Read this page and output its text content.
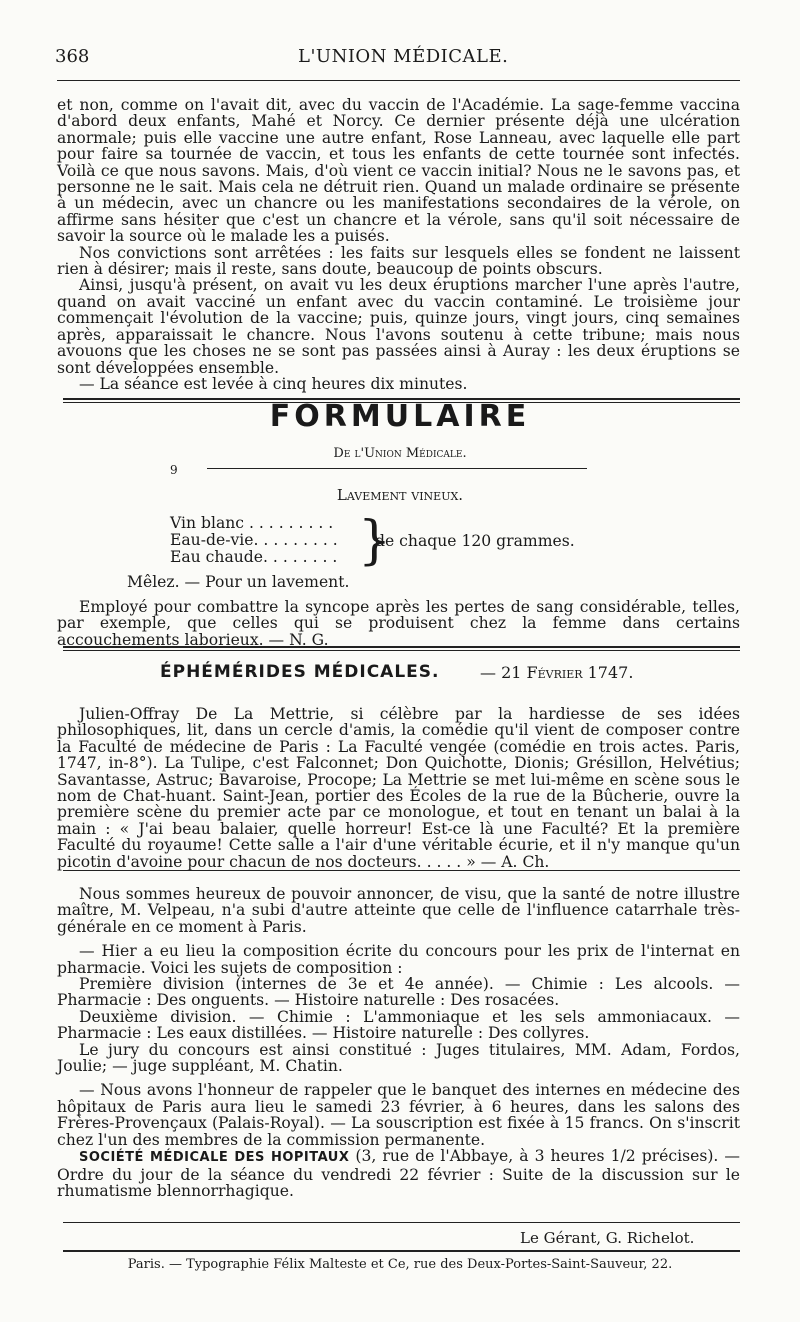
368	L'UNION MÉDICALE.

et non, comme on l'avait dit, avec du vaccin de l'Académie. La sage-femme vaccina d'abord deux enfants, Mahé et Norcy. Ce dernier présente déjà une ulcération anormale; puis elle vaccine une autre enfant, Rose Lanneau, avec laquelle elle part pour faire sa tournée de vaccin, et tous les enfants de cette tournée sont infectés. Voilà ce que nous savons. Mais, d'où vient ce vaccin initial? Nous ne le savons pas, et personne ne le sait. Mais cela ne détruit rien. Quand un malade ordinaire se présente à un médecin, avec un chancre ou les manifestations secondaires de la vérole, on affirme sans hésiter que c'est un chancre et la vérole, sans qu'il soit nécessaire de savoir la source où le malade les a puisés.

Nos convictions sont arrêtées : les faits sur lesquels elles se fondent ne laissent rien à désirer; mais il reste, sans doute, beaucoup de points obscurs.

Ainsi, jusqu'à présent, on avait vu les deux éruptions marcher l'une après l'autre, quand on avait vacciné un enfant avec du vaccin contaminé. Le troisième jour commençait l'évolution de la vaccine; puis, quinze jours, vingt jours, cinq semaines après, apparaissait le chancre. Nous l'avons soutenu à cette tribune; mais nous avouons que les choses ne se sont pas passées ainsi à Auray : les deux éruptions se sont développées ensemble.

— La séance est levée à cinq heures dix minutes.

FORMULAIRE
De l'Union Médicale.
9
Lavement vineux.
Vin blanc . . . . . . . . .
Eau-de-vie. . . . . . . . .
Eau chaude. . . . . . . . }
de chaque 120 grammes.
Mêlez. — Pour un lavement.

Employé pour combattre la syncope après les pertes de sang considérable, telles, par exemple, que celles qui se produisent chez la femme dans certains accouchements laborieux. — N. G.

ÉPHÉMÉRIDES MÉDICALES.	— 21 Février 1747.

Julien-Offray De La Mettrie, si célèbre par la hardiesse de ses idées philosophiques, lit, dans un cercle d'amis, la comédie qu'il vient de composer contre la Faculté de médecine de Paris : La Faculté vengée (comédie en trois actes. Paris, 1747, in-8°). La Tulipe, c'est Falconnet; Don Quichotte, Dionis; Grésillon, Helvétius; Savantasse, Astruc; Bavaroise, Procope; La Mettrie se met lui-même en scène sous le nom de Chat-huant. Saint-Jean, portier des Écoles de la rue de la Bûcherie, ouvre la première scène du premier acte par ce monologue, et tout en tenant un balai à la main : « J'ai beau balaier, quelle horreur! Est-ce là une Faculté? Et la première Faculté du royaume! Cette salle a l'air d'une véritable écurie, et il n'y manque qu'un picotin d'avoine pour chacun de nos docteurs. . . . . » — A. Ch.

Nous sommes heureux de pouvoir annoncer, de visu, que la santé de notre illustre maître, M. Velpeau, n'a subi d'autre atteinte que celle de l'influence catarrhale très-générale en ce moment à Paris.

— Hier a eu lieu la composition écrite du concours pour les prix de l'internat en pharmacie. Voici les sujets de composition :

Première division (internes de 3e et 4e année). — Chimie : Les alcools. — Pharmacie : Des onguents. — Histoire naturelle : Des rosacées.

Deuxième division. — Chimie : L'ammoniaque et les sels ammoniacaux. — Pharmacie : Les eaux distillées. — Histoire naturelle : Des collyres.

Le jury du concours est ainsi constitué : Juges titulaires, MM. Adam, Fordos, Joulie; — juge suppléant, M. Chatin.

— Nous avons l'honneur de rappeler que le banquet des internes en médecine des hôpitaux de Paris aura lieu le samedi 23 février, à 6 heures, dans les salons des Frères-Provençaux (Palais-Royal). — La souscription est fixée à 15 francs. On s'inscrit chez l'un des membres de la commission permanente.

SOCIÉTÉ MÉDICALE DES HOPITAUX (3, rue de l'Abbaye, à 3 heures 1/2 précises). — Ordre du jour de la séance du vendredi 22 février : Suite de la discussion sur le rhumatisme blennorrhagique.

Le Gérant, G. Richelot.
Paris. — Typographie Félix Malteste et Ce, rue des Deux-Portes-Saint-Sauveur, 22.
